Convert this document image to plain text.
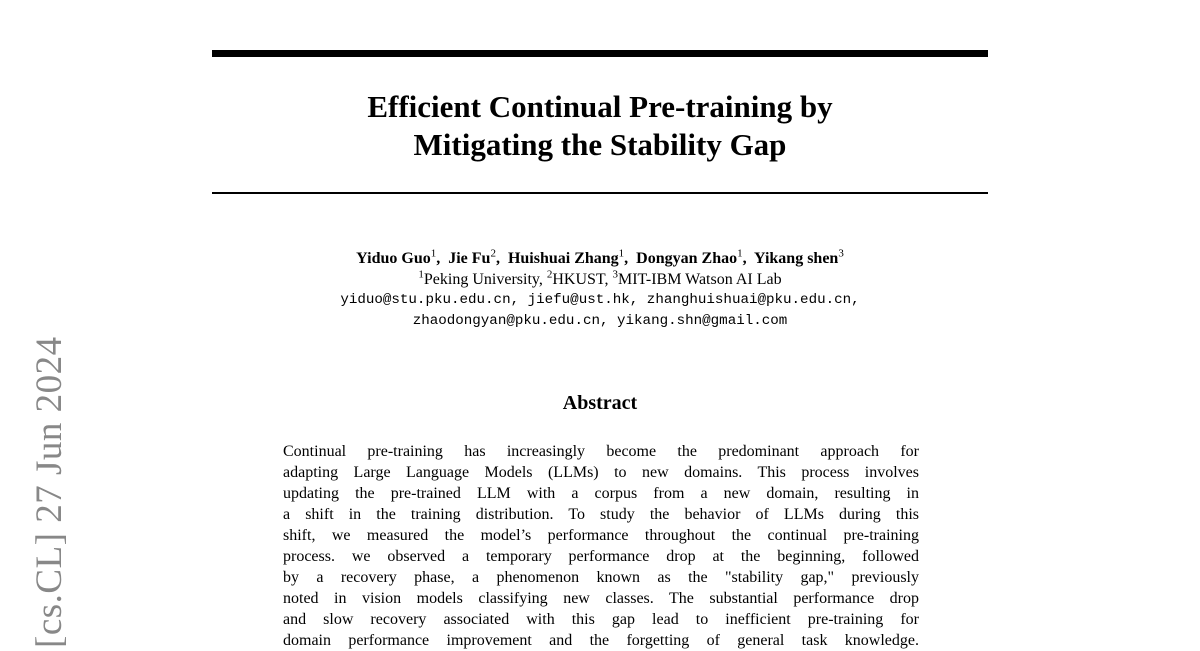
Efficient Continual Pre-training by
Mitigating the Stability Gap
Yiduo Guo$^1$,  Jie Fu$^2$,  Huishuai Zhang$^1$,  Dongyan Zhao$^1$,  Yikang shen$^3$
$^1$Peking University, $^2$HKUST, $^3$MIT-IBM Watson AI Lab
yiduo@stu.pku.edu.cn, jiefu@ust.hk, zhanghuishuai@pku.edu.cn,
zhaodongyan@pku.edu.cn, yikang.shn@gmail.com
Abstract
Continual pre-training has increasingly become the predominant approach for
adapting Large Language Models (LLMs) to new domains. This process involves
updating the pre-trained LLM with a corpus from a new domain, resulting in
a shift in the training distribution. To study the behavior of LLMs during this
shift, we measured the model’s performance throughout the continual pre-training
process. we observed a temporary performance drop at the beginning, followed
by a recovery phase, a phenomenon known as the "stability gap," previously
noted in vision models classifying new classes. The substantial performance drop
and slow recovery associated with this gap lead to inefficient pre-training for
domain performance improvement and the forgetting of general task knowledge.
[cs.CL] 27 Jun 2024
